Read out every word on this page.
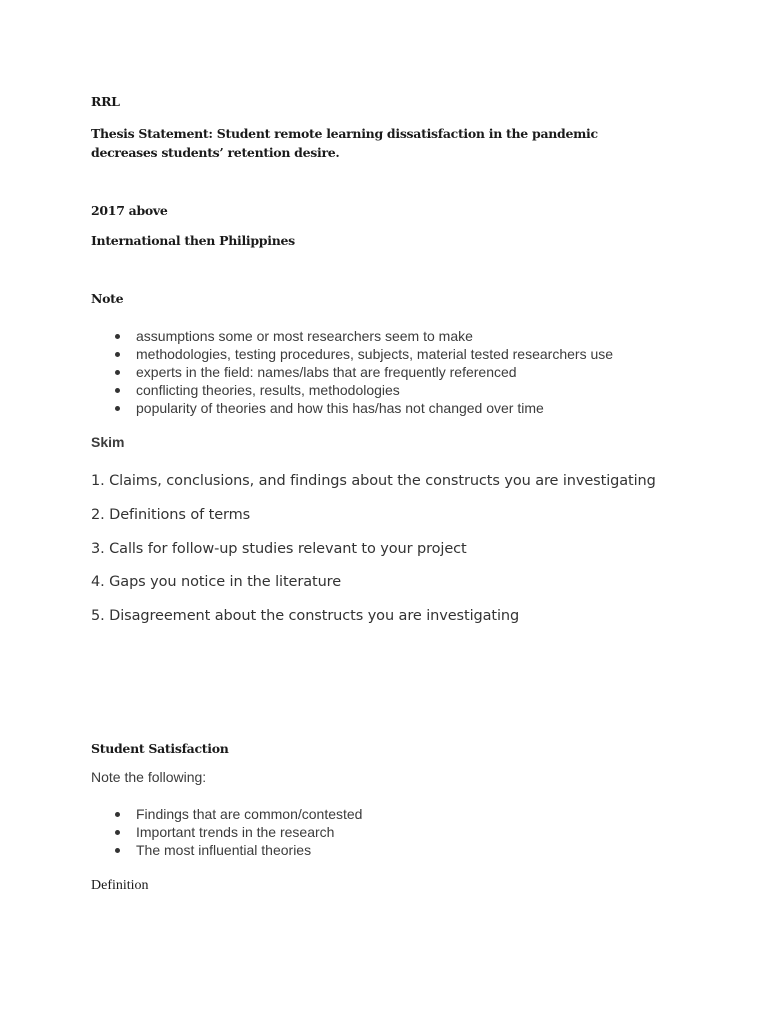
RRL

Thesis Statement: Student remote learning dissatisfaction in the pandemic decreases students’ retention desire.

2017 above

International then Philippines

Note

assumptions some or most researchers seem to make
methodologies, testing procedures, subjects, material tested researchers use
experts in the field: names/labs that are frequently referenced
conflicting theories, results, methodologies
popularity of theories and how this has/has not changed over time

Skim

1. Claims, conclusions, and findings about the constructs you are investigating
2. Definitions of terms
3. Calls for follow-up studies relevant to your project
4. Gaps you notice in the literature
5. Disagreement about the constructs you are investigating

Student Satisfaction

Note the following:

Findings that are common/contested
Important trends in the research
The most influential theories

Definition
